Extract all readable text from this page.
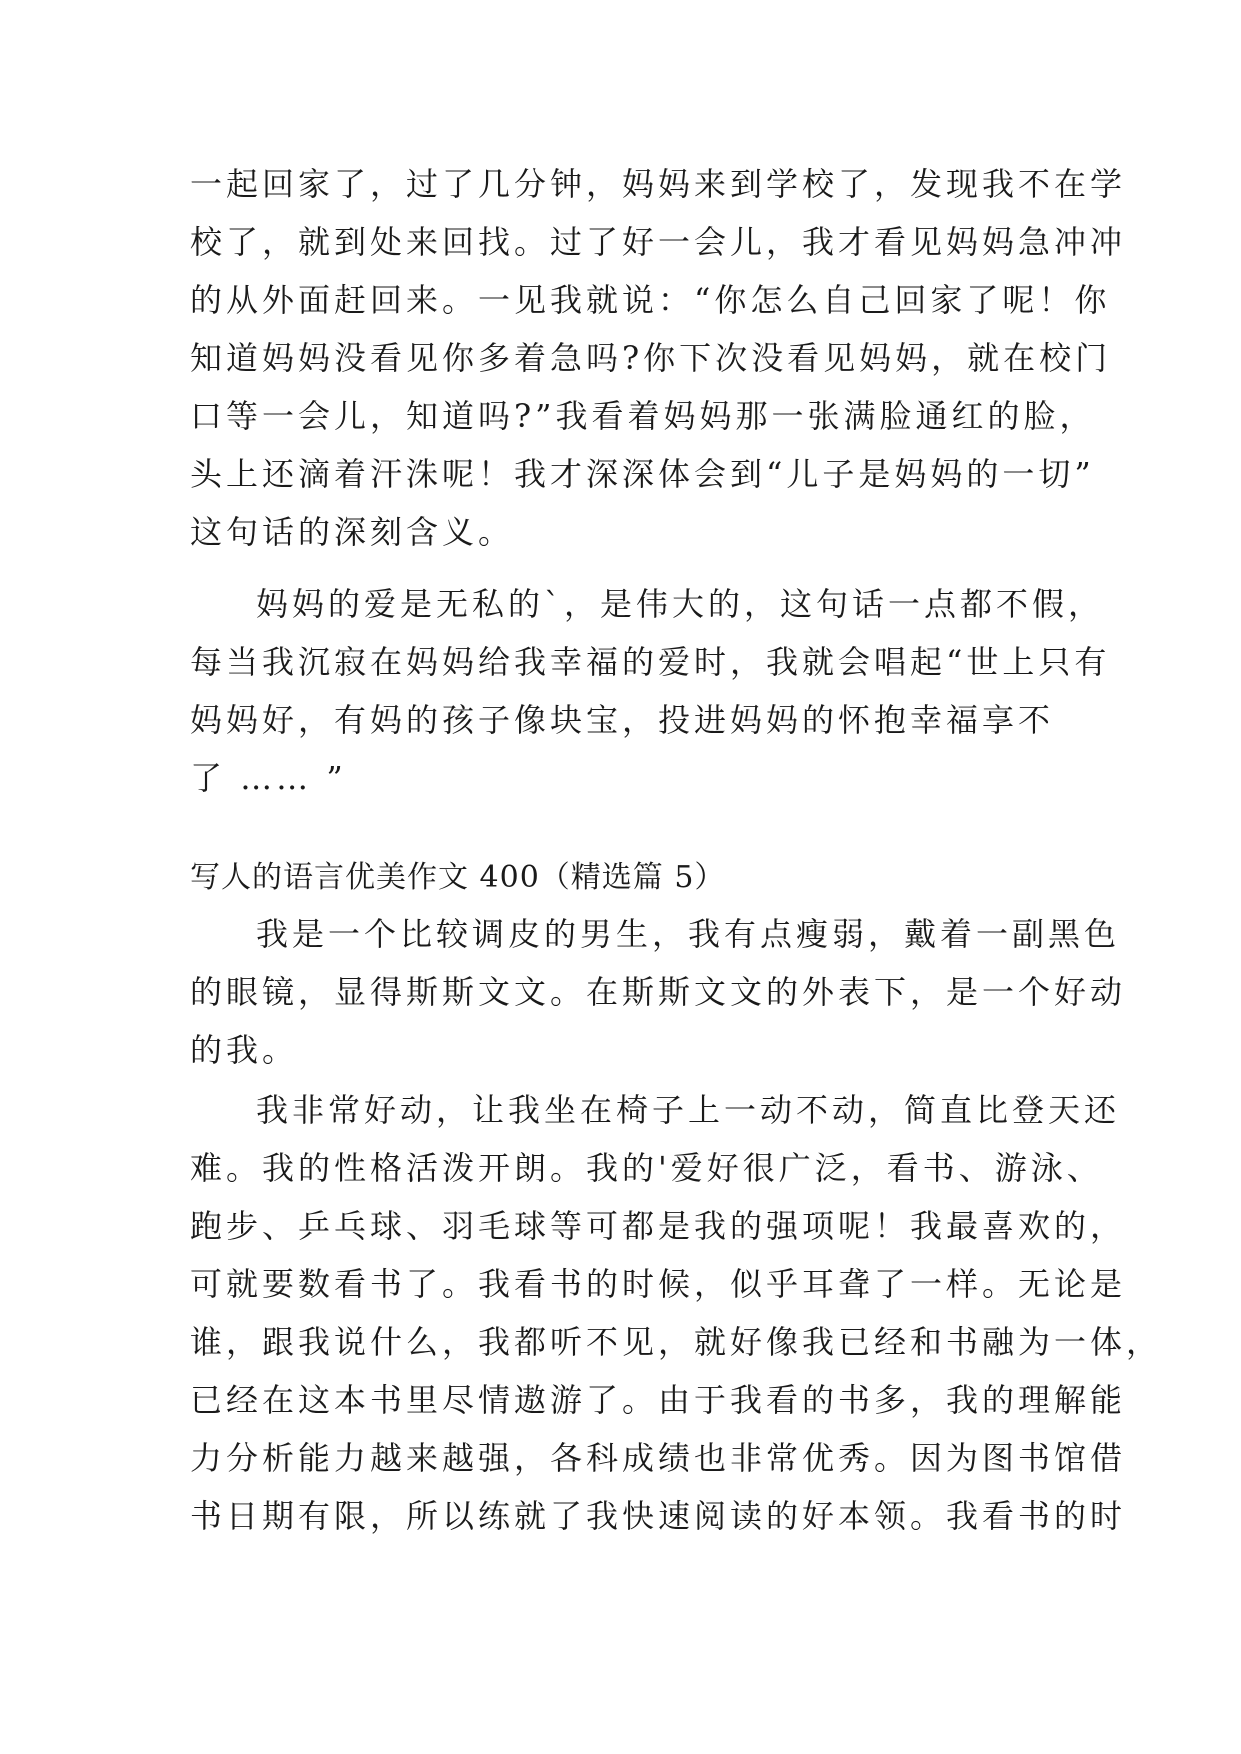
一起回家了，过了几分钟，妈妈来到学校了，发现我不在学
校了，就到处来回找。过了好一会儿，我才看见妈妈急冲冲
的从外面赶回来。一见我就说：“你怎么自己回家了呢！你
知道妈妈没看见你多着急吗?你下次没看见妈妈，就在校门
口等一会儿，知道吗?”我看着妈妈那一张满脸通红的脸，
头上还滴着汗洙呢！我才深深体会到“儿子是妈妈的一切”
这句话的深刻含义。
妈妈的爱是无私的`，是伟大的，这句话一点都不假，
每当我沉寂在妈妈给我幸福的爱时，我就会唱起“世上只有
妈妈好，有妈的孩子像块宝，投进妈妈的怀抱幸福享不
了 …… ”
写人的语言优美作文 400（精选篇 5）
我是一个比较调皮的男生，我有点瘦弱，戴着一副黑色
的眼镜，显得斯斯文文。在斯斯文文的外表下，是一个好动
的我。
我非常好动，让我坐在椅子上一动不动，简直比登天还
难。我的性格活泼开朗。我的'爱好很广泛，看书、游泳、
跑步、乒乓球、羽毛球等可都是我的强项呢！我最喜欢的，
可就要数看书了。我看书的时候，似乎耳聋了一样。无论是
谁，跟我说什么，我都听不见，就好像我已经和书融为一体，
已经在这本书里尽情遨游了。由于我看的书多，我的理解能
力分析能力越来越强，各科成绩也非常优秀。因为图书馆借
书日期有限，所以练就了我快速阅读的好本领。我看书的时
